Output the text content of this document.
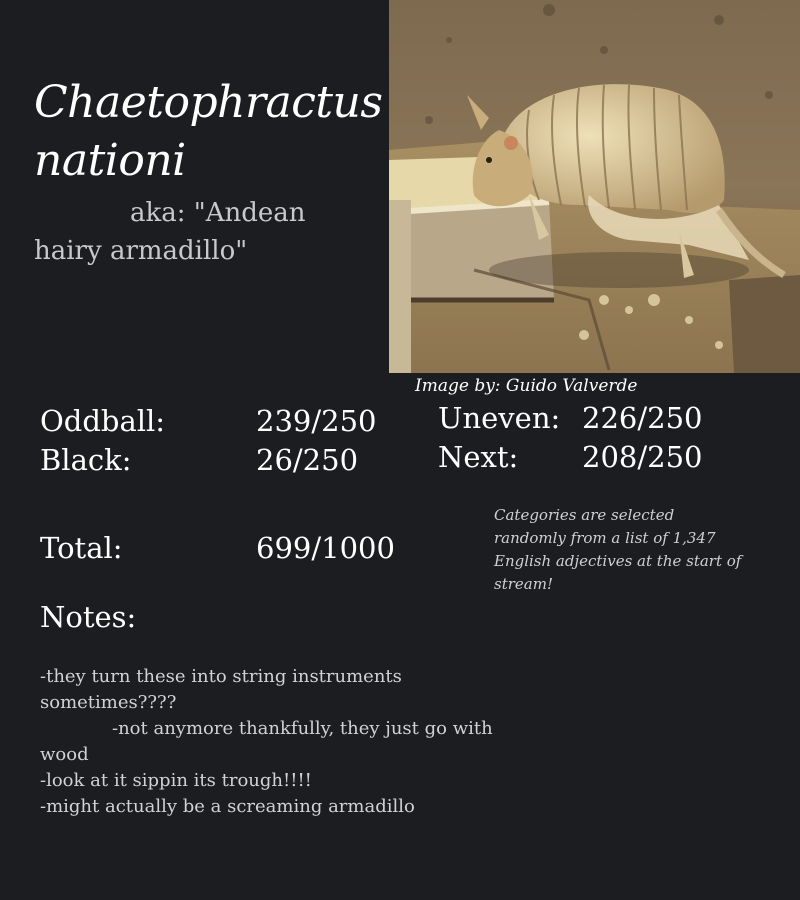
Chaetophractus
nationi
aka: "Andean
hairy armadillo"
Image by: Guido Valverde
Oddball:	239/250
Black:	26/250
Uneven: 226/250
Next: 208/250
Total:	699/1000
Categories are selected randomly from a list of 1,347 English adjectives at the start of stream!
Notes:
-they turn these into string instruments sometimes????
-not anymore thankfully, they just go with
wood
-look at it sippin its trough!!!!
-might actually be a screaming armadillo
